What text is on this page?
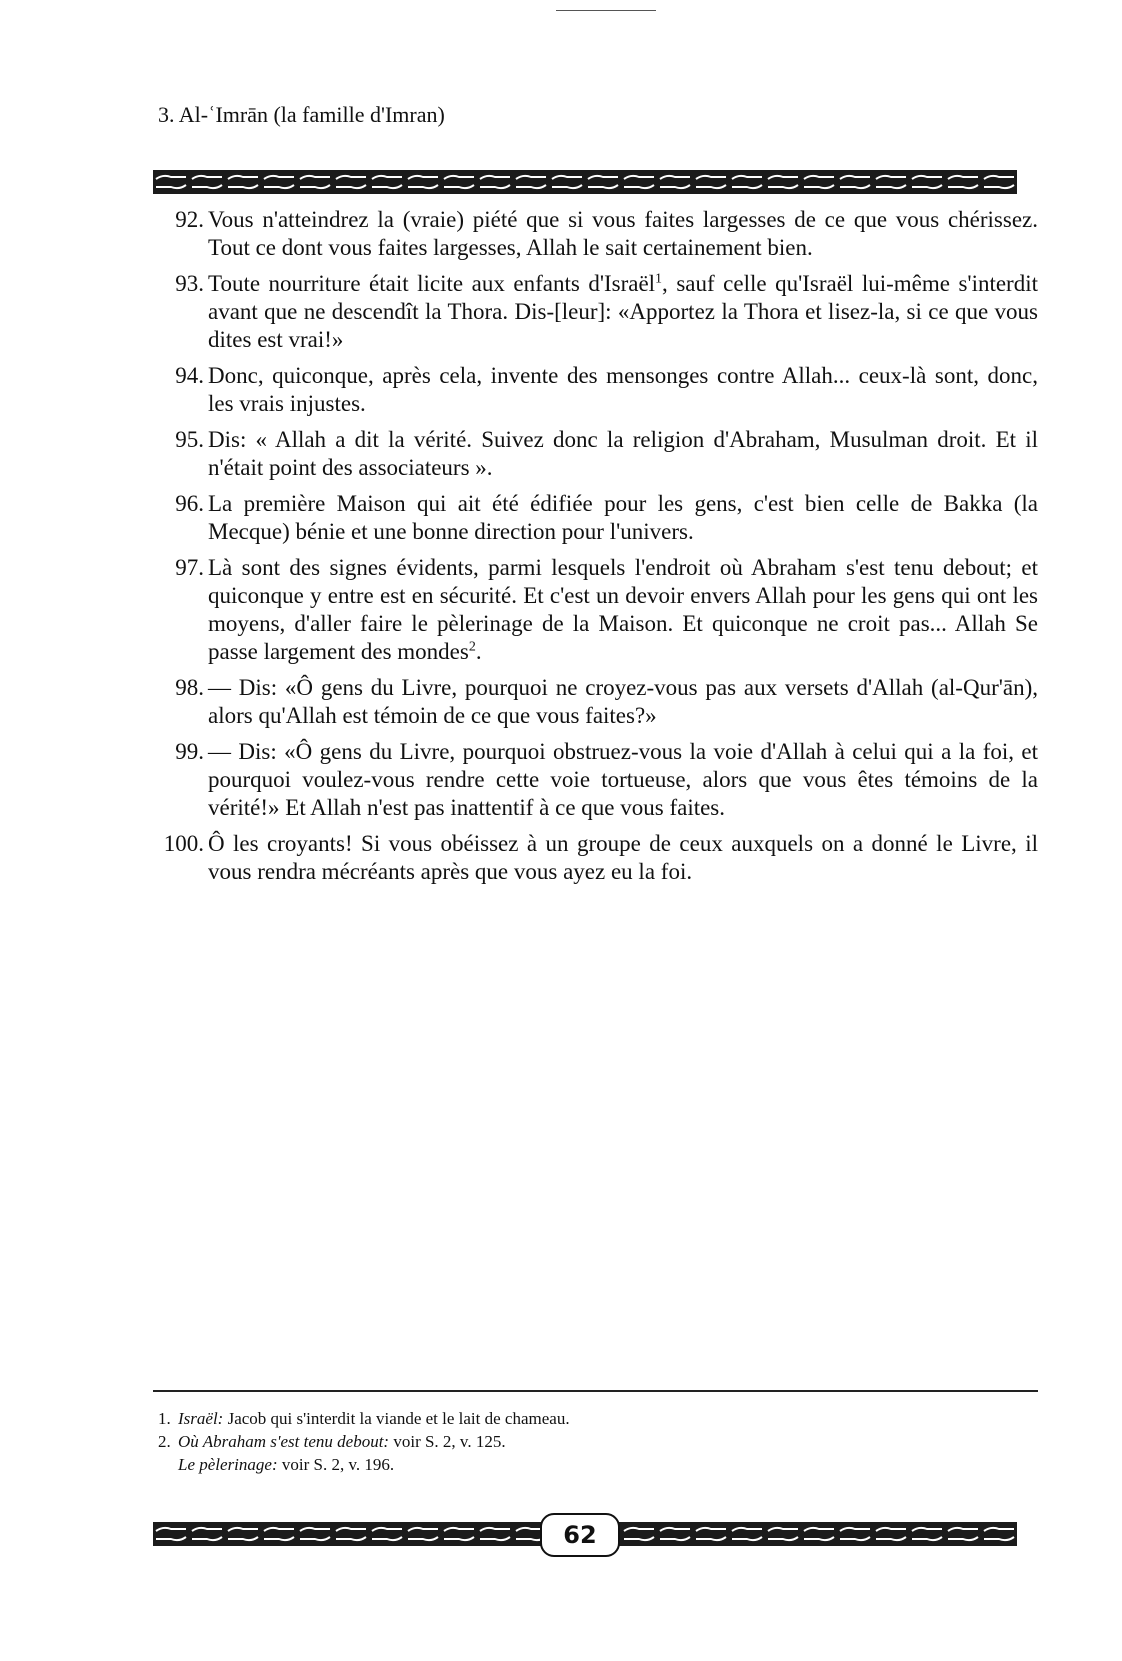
3. Al-ʿImrān (la famille d'Imran)
92. Vous n'atteindrez la (vraie) piété que si vous faites largesses de ce que vous chérissez. Tout ce dont vous faites largesses, Allah le sait certainement bien.
93. Toute nourriture était licite aux enfants d'Israël$^1$, sauf celle qu'Israël lui-même s'interdit avant que ne descendît la Thora. Dis-[leur]: «Apportez la Thora et lisez-la, si ce que vous dites est vrai!»
94. Donc, quiconque, après cela, invente des mensonges contre Allah... ceux-là sont, donc, les vrais injustes.
95. Dis: « Allah a dit la vérité. Suivez donc la religion d'Abraham, Musulman droit. Et il n'était point des associateurs ».
96. La première Maison qui ait été édifiée pour les gens, c'est bien celle de Bakka (la Mecque) bénie et une bonne direction pour l'univers.
97. Là sont des signes évidents, parmi lesquels l'endroit où Abraham s'est tenu debout; et quiconque y entre est en sécurité. Et c'est un devoir envers Allah pour les gens qui ont les moyens, d'aller faire le pèlerinage de la Maison. Et quiconque ne croit pas... Allah Se passe largement des mondes$^2$.
98. — Dis: «Ô gens du Livre, pourquoi ne croyez-vous pas aux versets d'Allah (al-Qur'ān), alors qu'Allah est témoin de ce que vous faites?»
99. — Dis: «Ô gens du Livre, pourquoi obstruez-vous la voie d'Allah à celui qui a la foi, et pourquoi voulez-vous rendre cette voie tortueuse, alors que vous êtes témoins de la vérité!» Et Allah n'est pas inattentif à ce que vous faites.
100. Ô les croyants! Si vous obéissez à un groupe de ceux auxquels on a donné le Livre, il vous rendra mécréants après que vous ayez eu la foi.
1. Israël: Jacob qui s'interdit la viande et le lait de chameau.
2. Où Abraham s'est tenu debout: voir S. 2, v. 125.
Le pèlerinage: voir S. 2, v. 196.
62
